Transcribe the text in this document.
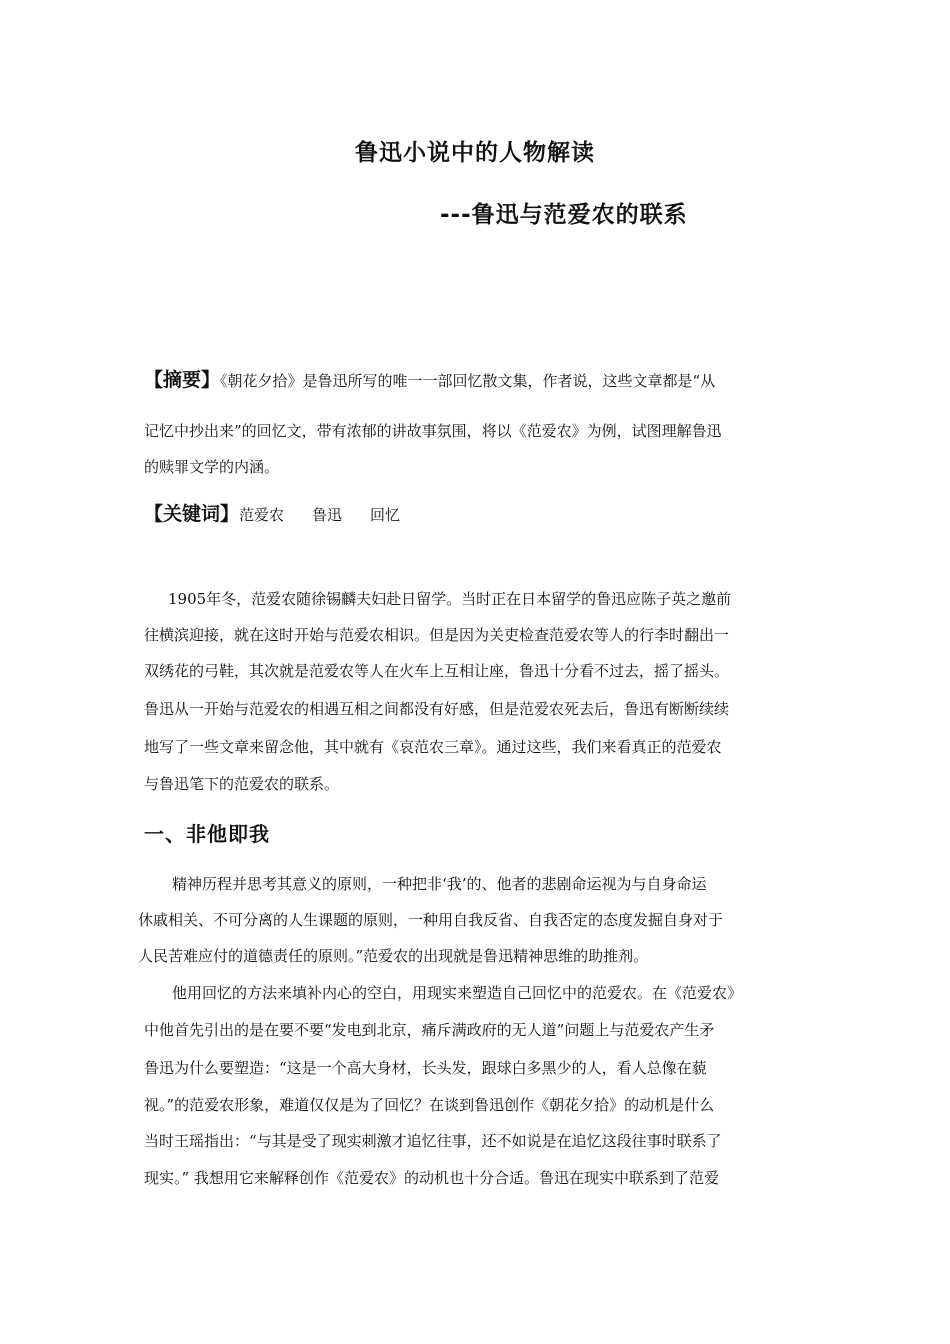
鲁迅小说中的人物解读
---鲁迅与范爱农的联系
【摘要】《朝花夕拾》是鲁迅所写的唯一一部回忆散文集，作者说，这些文章都是“从
记忆中抄出来”的回忆文，带有浓郁的讲故事氛围，将以《范爱农》为例，试图理解鲁迅
的赎罪文学的内涵。
【关键词】范爱农 鲁迅 回忆
1905年冬，范爱农随徐锡麟夫妇赴日留学。当时正在日本留学的鲁迅应陈子英之邀前
往横滨迎接，就在这时开始与范爱农相识。但是因为关吏检查范爱农等人的行李时翻出一
双绣花的弓鞋，其次就是范爱农等人在火车上互相让座，鲁迅十分看不过去，摇了摇头。
鲁迅从一开始与范爱农的相遇互相之间都没有好感，但是范爱农死去后，鲁迅有断断续续
地写了一些文章来留念他，其中就有《哀范农三章》。通过这些，我们来看真正的范爱农
与鲁迅笔下的范爱农的联系。
一、非他即我
精神历程并思考其意义的原则，一种把非‘我’的、他者的悲剧命运视为与自身命运
休戚相关、不可分离的人生课题的原则，一种用自我反省、自我否定的态度发掘自身对于
人民苦难应付的道德责任的原则。”范爱农的出现就是鲁迅精神思维的助推剂。
他用回忆的方法来填补内心的空白，用现实来塑造自己回忆中的范爱农。在《范爱农》
中他首先引出的是在要不要“发电到北京，痛斥满政府的无人道”问题上与范爱农产生矛
鲁迅为什么要塑造：“这是一个高大身材，长头发，跟球白多黑少的人，看人总像在藐
视。”的范爱农形象，难道仅仅是为了回忆？在谈到鲁迅创作《朝花夕拾》的动机是什么
当时王瑶指出：“与其是受了现实刺激才追忆往事，还不如说是在追忆这段往事时联系了
现实。” 我想用它来解释创作《范爱农》的动机也十分合适。鲁迅在现实中联系到了范爱
